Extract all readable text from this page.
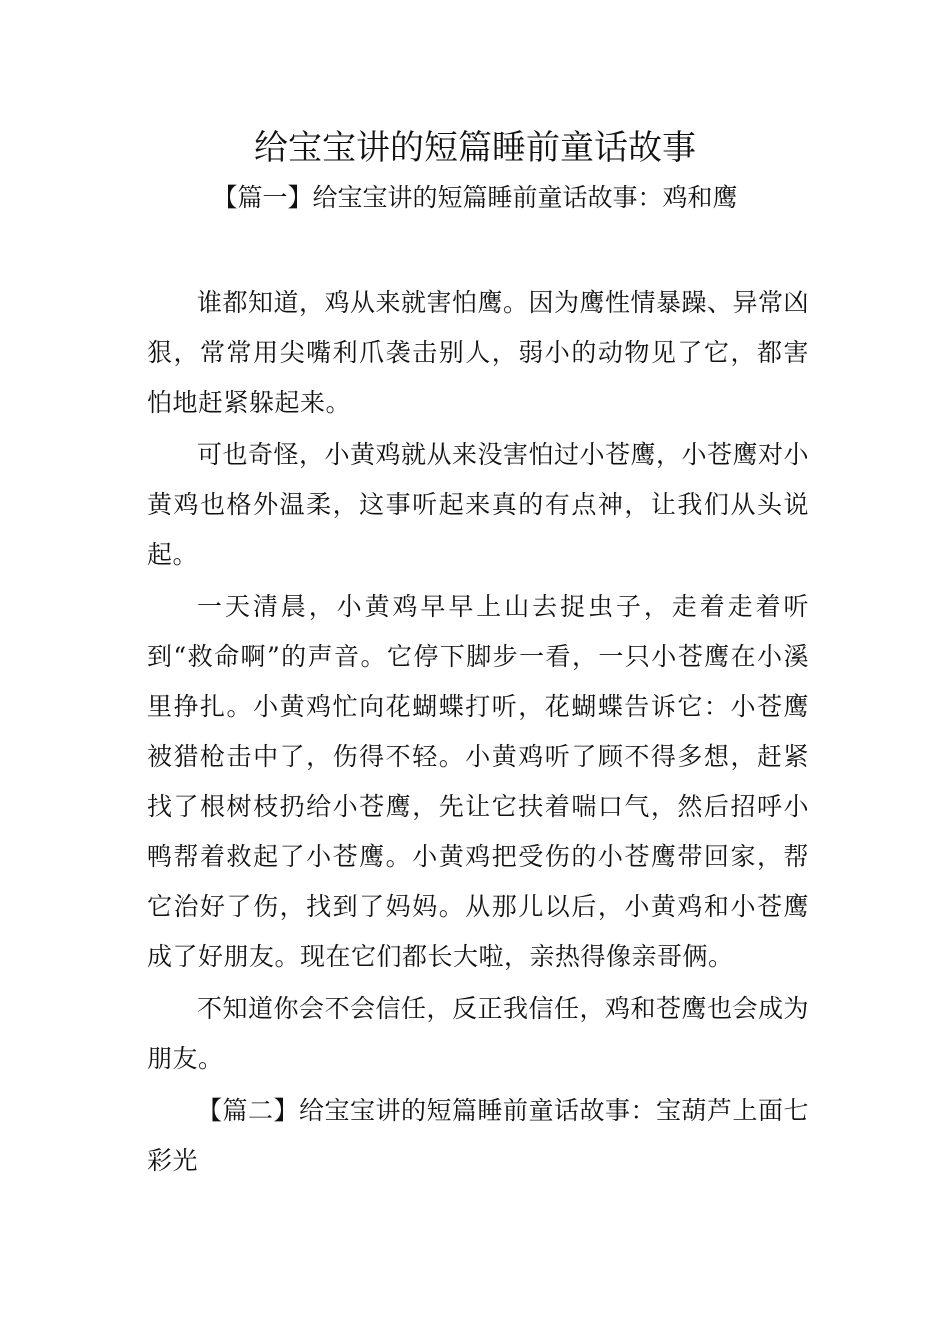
给宝宝讲的短篇睡前童话故事
【篇一】给宝宝讲的短篇睡前童话故事：鸡和鹰

谁都知道，鸡从来就害怕鹰。因为鹰性情暴躁、异常凶狠，常常用尖嘴利爪袭击别人，弱小的动物见了它，都害怕地赶紧躲起来。

可也奇怪，小黄鸡就从来没害怕过小苍鹰，小苍鹰对小黄鸡也格外温柔，这事听起来真的有点神，让我们从头说起。

一天清晨，小黄鸡早早上山去捉虫子，走着走着听到“救命啊”的声音。它停下脚步一看，一只小苍鹰在小溪里挣扎。小黄鸡忙向花蝴蝶打听，花蝴蝶告诉它：小苍鹰被猎枪击中了，伤得不轻。小黄鸡听了顾不得多想，赶紧找了根树枝扔给小苍鹰，先让它扶着喘口气，然后招呼小鸭帮着救起了小苍鹰。小黄鸡把受伤的小苍鹰带回家，帮它治好了伤，找到了妈妈。从那儿以后，小黄鸡和小苍鹰成了好朋友。现在它们都长大啦，亲热得像亲哥俩。

不知道你会不会信任，反正我信任，鸡和苍鹰也会成为朋友。

【篇二】给宝宝讲的短篇睡前童话故事：宝葫芦上面七彩光
